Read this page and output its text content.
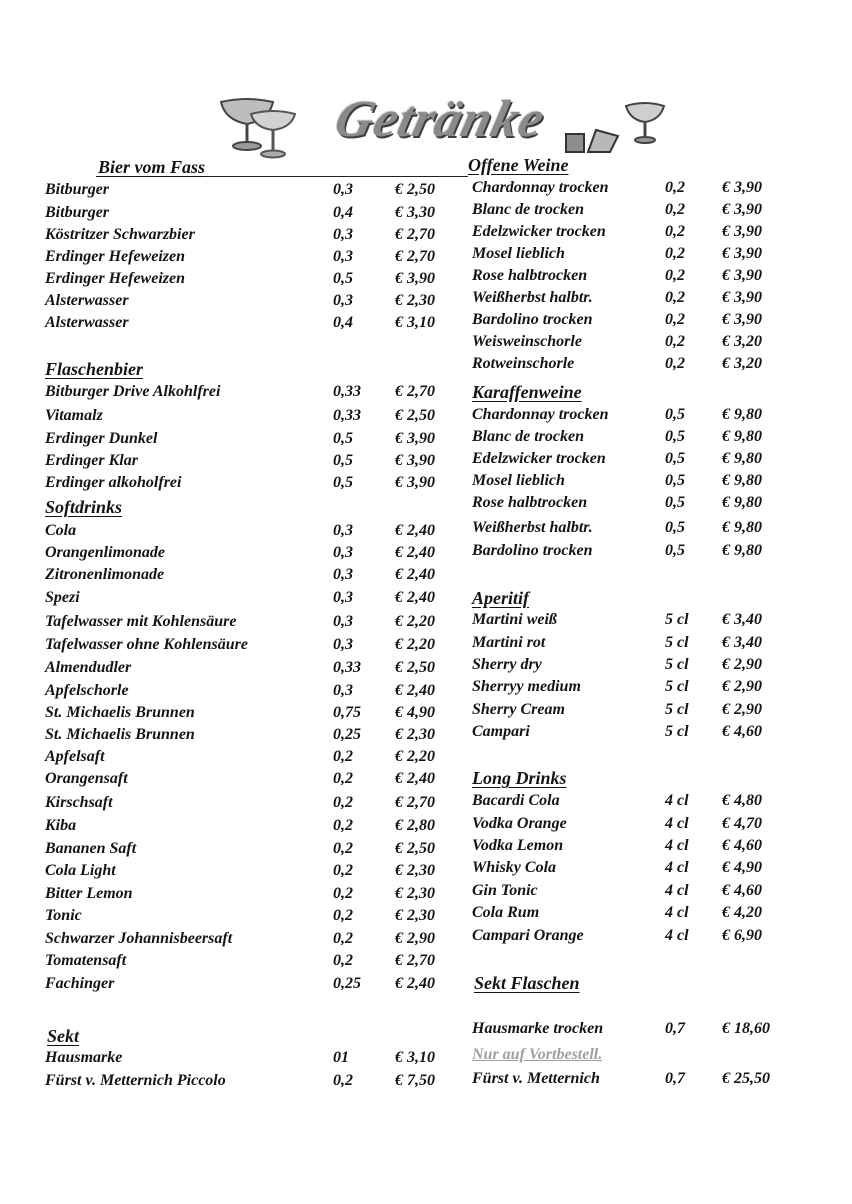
Getränke
Bier vom Fass
Bitburger	0,3	€ 2,50
Bitburger	0,4	€ 3,30
Köstritzer Schwarzbier	0,3	€ 2,70
Erdinger Hefeweizen	0,3	€ 2,70
Erdinger Hefeweizen	0,5	€ 3,90
Alsterwasser	0,3	€ 2,30
Alsterwasser	0,4	€ 3,10
Flaschenbier
Bitburger Drive Alkohlfrei	0,33 € 2,70
Vitamalz	0,33 € 2,50
Erdinger Dunkel	0,5	€ 3,90
Erdinger Klar	0,5	€ 3,90
Erdinger alkoholfrei	0,5	€ 3,90
Softdrinks
Cola	0,3	€ 2,40
Orangenlimonade	0,3	€ 2,40
Zitronenlimonade	0,3	€ 2,40
Spezi	0,3	€ 2,40
Tafelwasser mit Kohlensäure	0,3	€ 2,20
Tafelwasser ohne Kohlensäure	0,3	€ 2,20
Almendudler	0,33 € 2,50
Apfelschorle	0,3	€ 2,40
St. Michaelis Brunnen	0,75 € 4,90
St. Michaelis Brunnen	0,25 € 2,30
Apfelsaft	0,2	€ 2,20
Orangensaft	0,2	€ 2,40
Kirschsaft	0,2	€ 2,70
Kiba	0,2	€ 2,80
Bananen Saft	0,2	€ 2,50
Cola Light	0,2	€ 2,30
Bitter Lemon	0,2	€ 2,30
Tonic	0,2	€ 2,30
Schwarzer Johannisbeersaft	0,2	€ 2,90
Tomatensaft	0,2	€ 2,70
Fachinger	0,25 € 2,40
Sekt
Hausmarke	01	€ 3,10
Fürst v. Metternich Piccolo	0,2	€ 7,50
Offene Weine
Chardonnay trocken	0,2 € 3,90
Blanc de trocken	0,2 € 3,90
Edelzwicker trocken	0,2 € 3,90
Mosel lieblich	0,2 € 3,90
Rose halbtrocken	0,2 € 3,90
Weißherbst halbtr.	0,2 € 3,90
Bardolino trocken	0,2 € 3,90
Weisweinschorle	0,2 € 3,20
Rotweinschorle	0,2 € 3,20
Karaffenweine
Chardonnay trocken	0,5 € 9,80
Blanc de trocken	0,5 € 9,80
Edelzwicker trocken	0,5 € 9,80
Mosel lieblich	0,5 € 9,80
Rose halbtrocken	0,5 € 9,80
Weißherbst halbtr.	0,5 € 9,80
Bardolino trocken	0,5 € 9,80
Aperitif
Martini weiß	5 cl € 3,40
Martini rot	5 cl € 3,40
Sherry dry	5 cl € 2,90
Sherryy medium	5 cl € 2,90
Sherry Cream	5 cl € 2,90
Campari	5 cl € 4,60
Long Drinks
Bacardi Cola	4 cl € 4,80
Vodka Orange	4 cl € 4,70
Vodka Lemon	4 cl € 4,60
Whisky Cola	4 cl € 4,90
Gin Tonic	4 cl € 4,60
Cola Rum	4 cl € 4,20
Campari Orange	4 cl € 6,90
Sekt Flaschen
Hausmarke trocken	0,7 € 18,60
Nur auf Vortbestell.
Fürst v. Metternich	0,7 € 25,50
